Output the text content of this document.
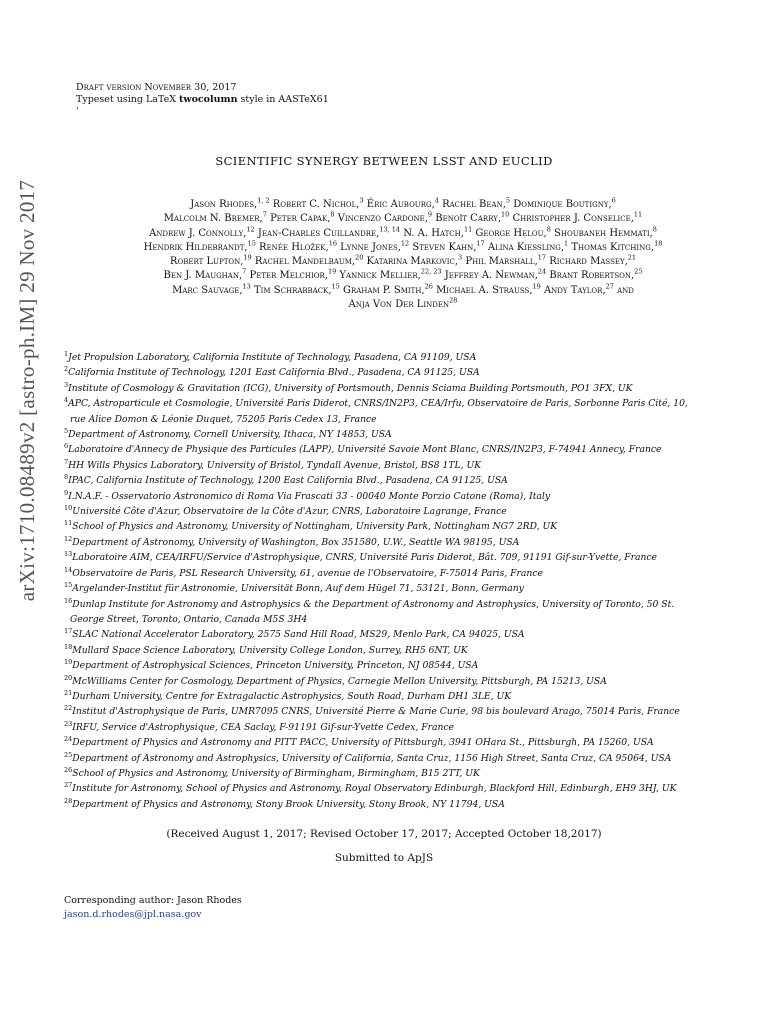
arXiv:1710.08489v2 [astro-ph.IM] 29 Nov 2017
Draft version November 30, 2017
Typeset using LaTeX twocolumn style in AASTeX61
'
SCIENTIFIC SYNERGY BETWEEN LSST AND EUCLID
Jason Rhodes,$^{1, 2}$ Robert C. Nichol,$^3$ Éric Aubourg,$^4$ Rachel Bean,$^5$ Dominique Boutigny,$^6$
Malcolm N. Bremer,$^7$ Peter Capak,$^8$ Vincenzo Cardone,$^9$ Benoît Carry,$^{10}$ Christopher J. Conselice,$^{11}$
Andrew J. Connolly,$^{12}$ Jean-Charles Cuillandre,$^{13, 14}$ N. A. Hatch,$^{11}$ George Helou,$^8$ Shoubaneh Hemmati,$^8$
Hendrik Hildebrandt,$^{15}$ Renée Hložek,$^{16}$ Lynne Jones,$^{12}$ Steven Kahn,$^{17}$ Alina Kiessling,$^1$ Thomas Kitching,$^{18}$
Robert Lupton,$^{19}$ Rachel Mandelbaum,$^{20}$ Katarina Markovic,$^3$ Phil Marshall,$^{17}$ Richard Massey,$^{21}$
Ben J. Maughan,$^7$ Peter Melchior,$^{19}$ Yannick Mellier,$^{22, 23}$ Jeffrey A. Newman,$^{24}$ Brant Robertson,$^{25}$
Marc Sauvage,$^{13}$ Tim Schrabback,$^{15}$ Graham P. Smith,$^{26}$ Michael A. Strauss,$^{19}$ Andy Taylor,$^{27}$ and
Anja Von Der Linden$^{28}$
$^1$Jet Propulsion Laboratory, California Institute of Technology, Pasadena, CA 91109, USA
$^2$California Institute of Technology, 1201 East California Blvd., Pasadena, CA 91125, USA
$^3$Institute of Cosmology & Gravitation (ICG), University of Portsmouth, Dennis Sciama Building Portsmouth, PO1 3FX, UK
$^4$APC, Astroparticule et Cosmologie, Université Paris Diderot, CNRS/IN2P3, CEA/Irfu, Observatoire de Paris, Sorbonne Paris Cité, 10,
rue Alice Domon & Léonie Duquet, 75205 Paris Cedex 13, France
$^5$Department of Astronomy, Cornell University, Ithaca, NY 14853, USA
$^6$Laboratoire d'Annecy de Physique des Particules (LAPP), Université Savoie Mont Blanc, CNRS/IN2P3, F-74941 Annecy, France
$^7$HH Wills Physics Laboratory, University of Bristol, Tyndall Avenue, Bristol, BS8 1TL, UK
$^8$IPAC, California Institute of Technology, 1200 East California Blvd., Pasadena, CA 91125, USA
$^9$I.N.A.F. - Osservatorio Astronomico di Roma Via Frascati 33 - 00040 Monte Porzio Catone (Roma), Italy
$^{10}$Université Côte d'Azur, Observatoire de la Côte d'Azur, CNRS, Laboratoire Lagrange, France
$^{11}$School of Physics and Astronomy, University of Nottingham, University Park, Nottingham NG7 2RD, UK
$^{12}$Department of Astronomy, University of Washington, Box 351580, U.W., Seattle WA 98195, USA
$^{13}$Laboratoire AIM, CEA/IRFU/Service d'Astrophysique, CNRS, Université Paris Diderot, Bât. 709, 91191 Gif-sur-Yvette, France
$^{14}$Observatoire de Paris, PSL Research University, 61, avenue de l'Observatoire, F-75014 Paris, France
$^{15}$Argelander-Institut für Astronomie, Universität Bonn, Auf dem Hügel 71, 53121, Bonn, Germany
$^{16}$Dunlap Institute for Astronomy and Astrophysics & the Department of Astronomy and Astrophysics, University of Toronto, 50 St.
George Street, Toronto, Ontario, Canada M5S 3H4
$^{17}$SLAC National Accelerator Laboratory, 2575 Sand Hill Road, MS29, Menlo Park, CA 94025, USA
$^{18}$Mullard Space Science Laboratory, University College London, Surrey, RH5 6NT, UK
$^{19}$Department of Astrophysical Sciences, Princeton University, Princeton, NJ 08544, USA
$^{20}$McWilliams Center for Cosmology, Department of Physics, Carnegie Mellon University, Pittsburgh, PA 15213, USA
$^{21}$Durham University, Centre for Extragalactic Astrophysics, South Road, Durham DH1 3LE, UK
$^{22}$Institut d'Astrophysique de Paris, UMR7095 CNRS, Université Pierre & Marie Curie, 98 bis boulevard Arago, 75014 Paris, France
$^{23}$IRFU, Service d'Astrophysique, CEA Saclay, F-91191 Gif-sur-Yvette Cedex, France
$^{24}$Department of Physics and Astronomy and PITT PACC, University of Pittsburgh, 3941 OHara St., Pittsburgh, PA 15260, USA
$^{25}$Department of Astronomy and Astrophysics, University of California, Santa Cruz, 1156 High Street, Santa Cruz, CA 95064, USA
$^{26}$School of Physics and Astronomy, University of Birmingham, Birmingham, B15 2TT, UK
$^{27}$Institute for Astronomy, School of Physics and Astronomy, Royal Observatory Edinburgh, Blackford Hill, Edinburgh, EH9 3HJ, UK
$^{28}$Department of Physics and Astronomy, Stony Brook University, Stony Brook, NY 11794, USA
(Received August 1, 2017; Revised October 17, 2017; Accepted October 18,2017)
Submitted to ApJS
Corresponding author: Jason Rhodes
jason.d.rhodes@jpl.nasa.gov
